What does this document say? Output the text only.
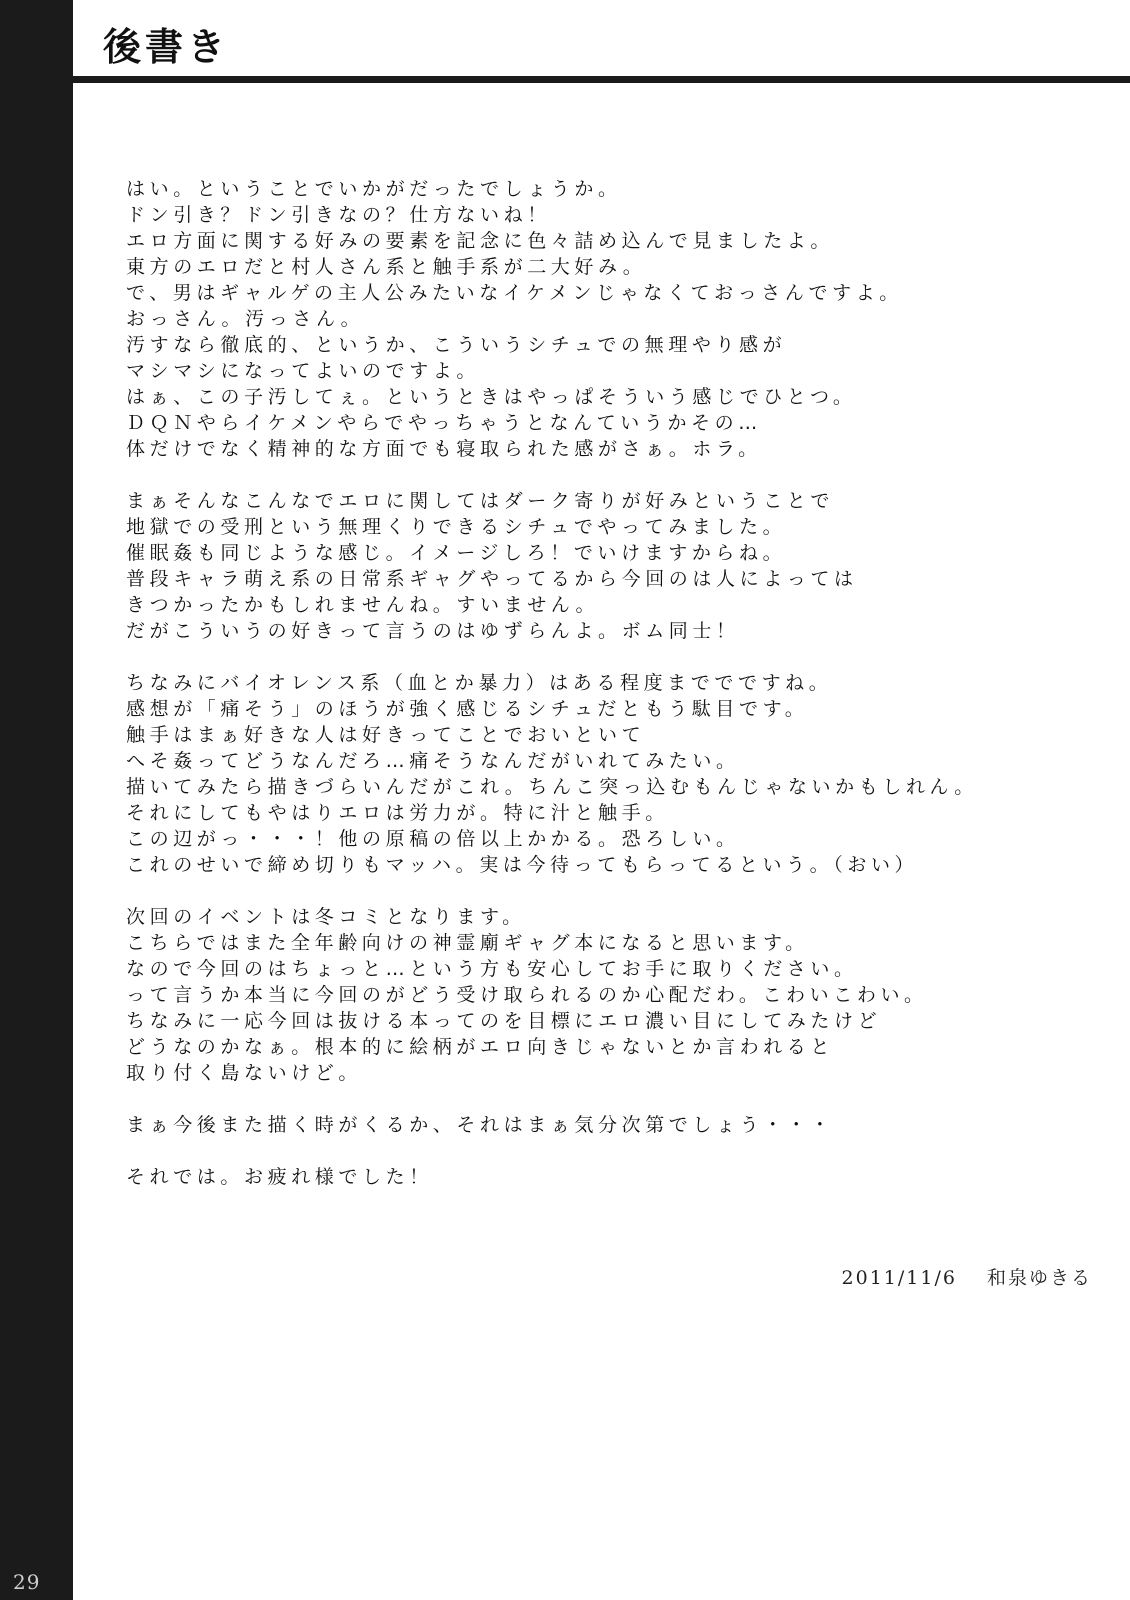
29
後書き

はい。ということでいかがだったでしょうか。

ドン引き？ドン引きなの？仕方ないね！

エロ方面に関する好みの要素を記念に色々詰め込んで見ましたよ。

東方のエロだと村人さん系と触手系が二大好み。

で、男はギャルゲの主人公みたいなイケメンじゃなくておっさんですよ。

おっさん。汚っさん。

汚すなら徹底的、というか、こういうシチュでの無理やり感が

マシマシになってよいのですよ。

はぁ、この子汚してぇ。というときはやっぱそういう感じでひとつ。

ＤＱＮやらイケメンやらでやっちゃうとなんていうかその…

体だけでなく精神的な方面でも寝取られた感がさぁ。ホラ。

まぁそんなこんなでエロに関してはダーク寄りが好みということで

地獄での受刑という無理くりできるシチュでやってみました。

催眠姦も同じような感じ。イメージしろ！でいけますからね。

普段キャラ萌え系の日常系ギャグやってるから今回のは人によっては

きつかったかもしれませんね。すいません。

だがこういうの好きって言うのはゆずらんよ。ボム同士！

ちなみにバイオレンス系（血とか暴力）はある程度まででですね。

感想が「痛そう」のほうが強く感じるシチュだともう駄目です。

触手はまぁ好きな人は好きってことでおいといて

へそ姦ってどうなんだろ…痛そうなんだがいれてみたい。

描いてみたら描きづらいんだがこれ。ちんこ突っ込むもんじゃないかもしれん。

それにしてもやはりエロは労力が。特に汁と触手。

この辺がっ・・・！他の原稿の倍以上かかる。恐ろしい。

これのせいで締め切りもマッハ。実は今待ってもらってるという。（おい）

次回のイベントは冬コミとなります。

こちらではまた全年齢向けの神霊廟ギャグ本になると思います。

なので今回のはちょっと…という方も安心してお手に取りください。

って言うか本当に今回のがどう受け取られるのか心配だわ。こわいこわい。

ちなみに一応今回は抜ける本ってのを目標にエロ濃い目にしてみたけど

どうなのかなぁ。根本的に絵柄がエロ向きじゃないとか言われると

取り付く島ないけど。

まぁ今後また描く時がくるか、それはまぁ気分次第でしょう・・・

それでは。お疲れ様でした！

2011/11/6 和泉ゆきる
